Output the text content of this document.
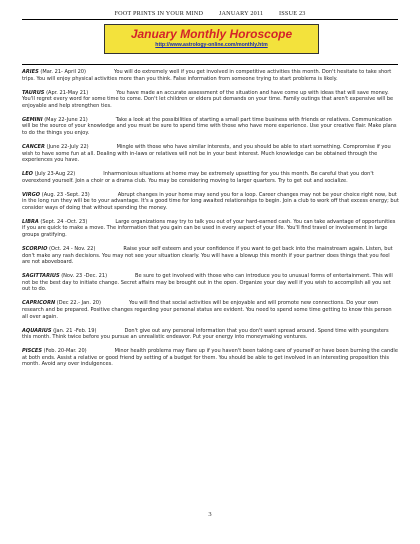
FOOT PRINTS IN YOUR MIND	JANUARY 2011	ISSUE 23
January Monthly Horoscope
http://www.astrology-online.com/monthly.htm

ARIES (Mar. 21- April 20)	You will do extremely well if you get involved in competitive activities this month. Don't hesitate to take short trips. You will enjoy physical activities more than you think. False information from someone trying to start problems is likely.

TAURUS (Apr. 21-May 21)	You have made an accurate assessment of the situation and have come up with ideas that will save money. You'll regret every word for some time to come. Don't let children or elders put demands on your time. Family outings that aren't expensive will be enjoyable and help strengthen ties.

GEMINI (May 22-June 21)	Take a look at the possibilities of starting a small part time business with friends or relatives. Communication will be the source of your knowledge and you must be sure to spend time with those who have more experience. Use your creative flair. Make plans to do the things you enjoy.

CANCER (June 22-July 22)	Mingle with those who have similar interests, and you should be able to start something. Compromise if you wish to have some fun at all. Dealing with in-laws or relatives will not be in your best interest. Much knowledge can be obtained through the experiences you have.

LEO (July 23-Aug 22)	Inharmonious situations at home may be extremely upsetting for you this month. Be careful that you don't overextend yourself. Join a choir or a drama club. You may be considering moving to larger quarters. Try to get out and socialize.

VIRGO (Aug. 23 -Sept. 23)	Abrupt changes in your home may send you for a loop. Career changes may not be your choice right now, but in the long run they will be to your advantage. It's a good time for long awaited relationships to begin. Join a club to work off that excess energy; but consider ways of doing that without spending the money.

LIBRA (Sept. 24 -Oct. 23)	Large organizations may try to talk you out of your hard-earned cash. You can take advantage of opportunities if you are quick to make a move. The information that you gain can be used in every aspect of your life. You'll find travel or involvement in large groups gratifying.

SCORPIO (Oct. 24 - Nov. 22)	Raise your self esteem and your confidence if you want to get back into the mainstream again. Listen, but don't make any rash decisions. You may not see your situation clearly. You will have a blowup this month if your partner does things that you feel are not aboveboard.

SAGITTARIUS (Nov. 23 -Dec. 21)	Be sure to get involved with those who can introduce you to unusual forms of entertainment. This will not be the best day to initiate change. Secret affairs may be brought out in the open. Organize your day well if you wish to accomplish all you set out to do.

CAPRICORN (Dec 22.- Jan. 20)	You will find that social activities will be enjoyable and will promote new connections. Do your own research and be prepared. Positive changes regarding your personal status are evident. You need to spend some time getting to know this person all over again.

AQUARIUS (Jan. 21 -Feb. 19)	Don't give out any personal information that you don't want spread around. Spend time with youngsters this month. Think twice before you pursue an unrealistic endeavor. Put your energy into moneymaking ventures.

PISCES (Feb. 20-Mar. 20)	Minor health problems may flare up if you haven't been taking care of yourself or have been burning the candle at both ends. Assist a relative or good friend by setting of a budget for them. You should be able to get involved in an interesting proposition this month. Avoid any over indulgences.

3
